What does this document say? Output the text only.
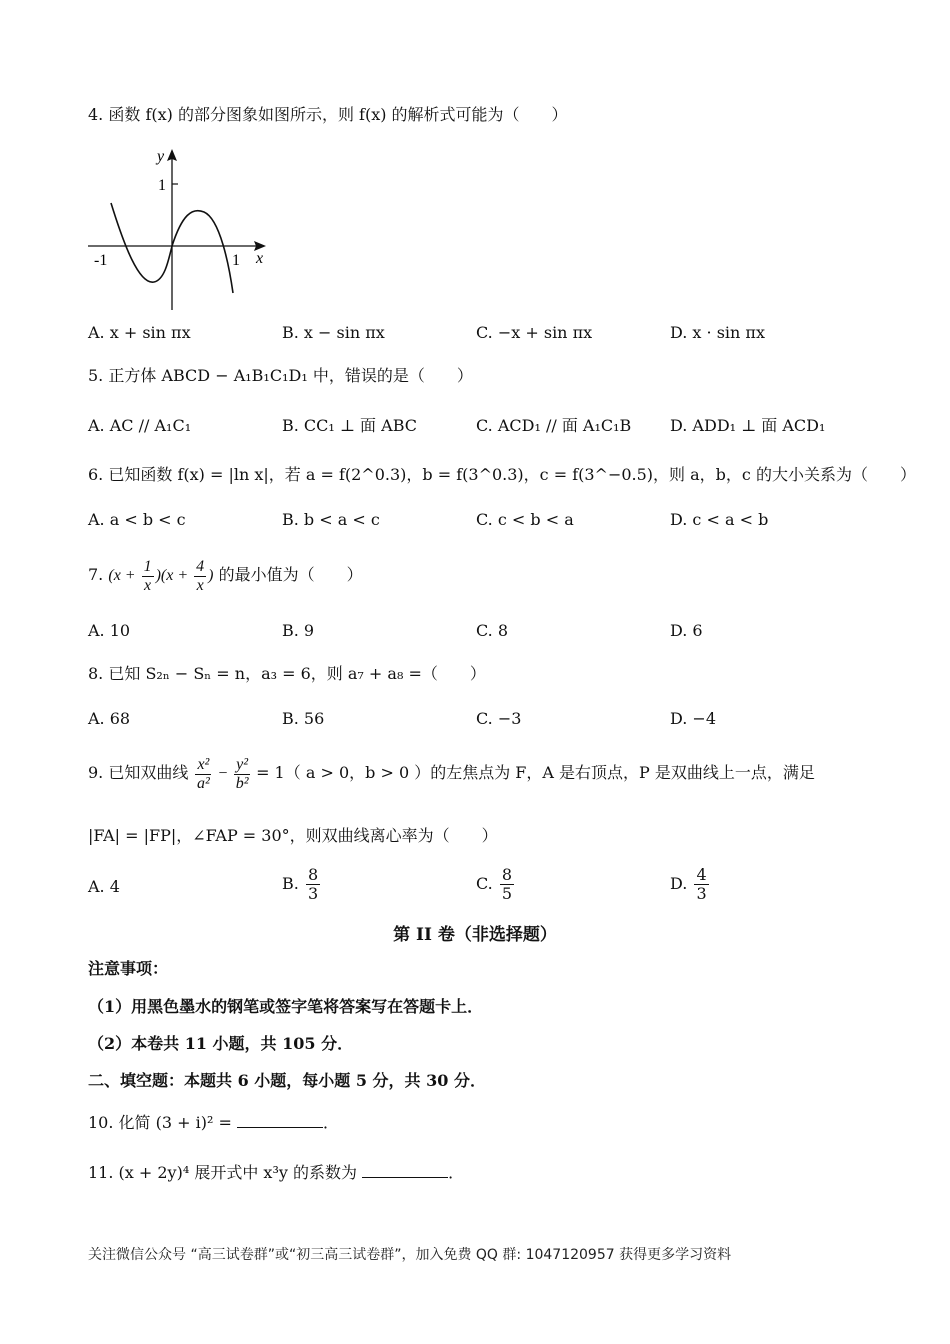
4. 函数 f(x) 的部分图象如图所示，则 f(x) 的解析式可能为（　　）
y
x
1
-1	1
A. x + sin πx	B. x − sin πx	C. −x + sin πx	D. x · sin πx
5. 正方体 ABCD − A₁B₁C₁D₁ 中，错误的是（　　）
A. AC // A₁C₁	B. CC₁ ⊥ 面 ABC	C. ACD₁ // 面 A₁C₁B D. ADD₁ ⊥ 面 ACD₁
6. 已知函数 f(x) = |ln x|，若 a = f(2^0.3)，b = f(3^0.3)，c = f(3^−0.5)，则 a，b，c 的大小关系为（　　）
A. a < b < c	B. b < a < c	C. c < b < a	D. c < a < b
7. $(x + \frac{1}{x} )(x + \frac{4}{x}$ ) 的最小值为（　　）
A. 10	B. 9	C. 8	D. 6
8. 已知 S₂ₙ − Sₙ = n，a₃ = 6，则 a₇ + a₈ =（　　）
A. 68	B. 56	C. −3	D. −4
9. 已知双曲线 $\frac{\text{x²}}{\text{a²}} - \frac{\text{y²}}{\text{b²}} = 1$（ a > 0，b > 0 ）的左焦点为 F，A 是右顶点，P 是双曲线上一点，满足
|FA| = |FP|，∠FAP = 30°，则双曲线离心率为（　　）
A. 4	B. $\frac{8}{3}$	C. $\frac{8}{5}$	D. $\frac{4}{3}$
第 II 卷（非选择题）
注意事项：
（1）用黑色墨水的钢笔或签字笔将答案写在答题卡上．
（2）本卷共 11 小题，共 105 分．
二、填空题：本题共 6 小题，每小题 5 分，共 30 分．
10. 化简 (3 + i)² =	．
11. (x + 2y)⁴ 展开式中 x³y 的系数为	．
关注微信公众号 “高三试卷群”或“初三高三试卷群”，加入免费 QQ 群: 1047120957 获得更多学习资料
